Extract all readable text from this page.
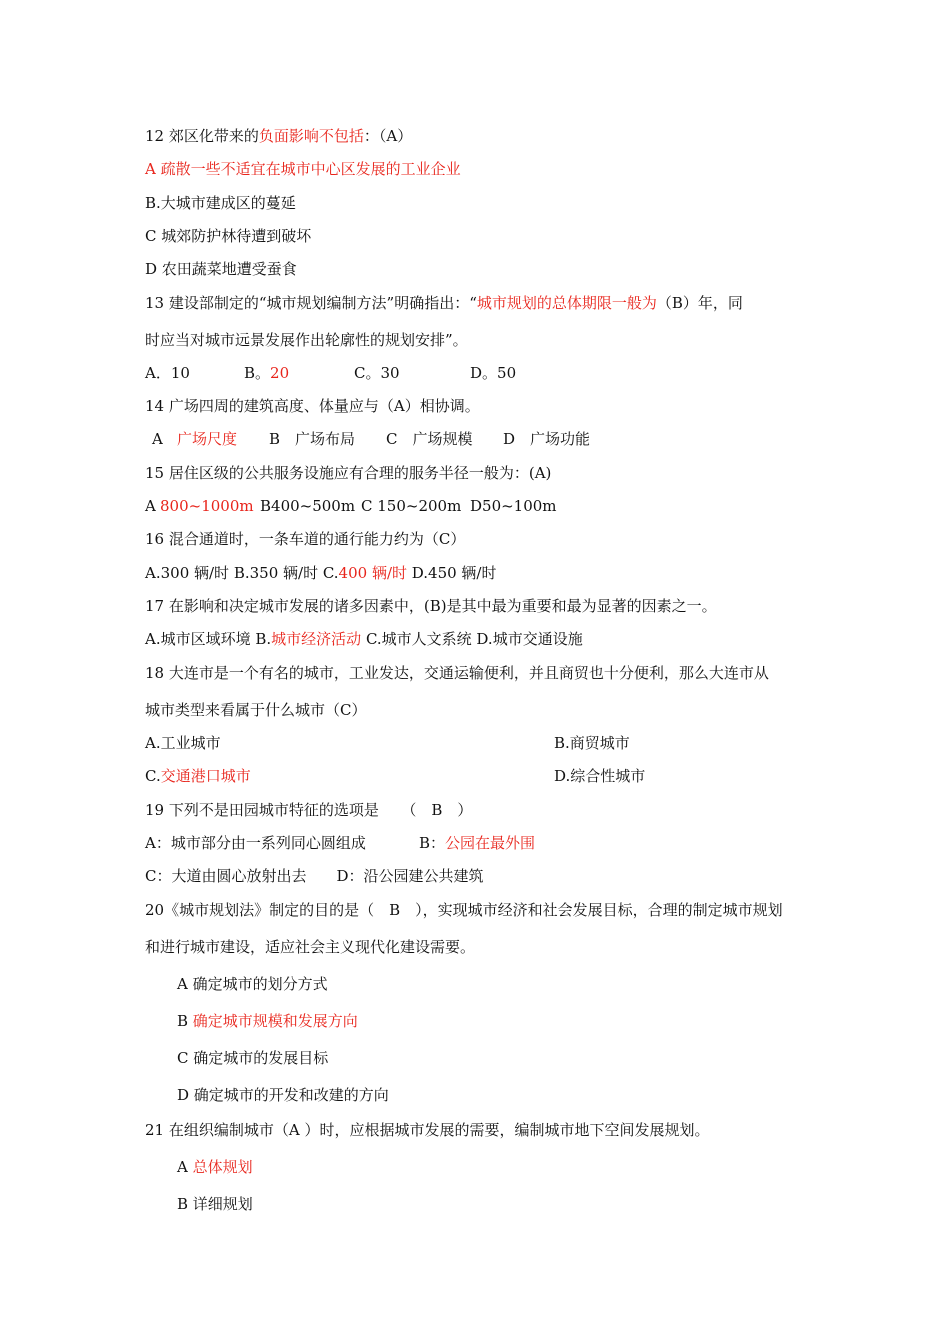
12 郊区化带来的负面影响不包括：（A）
A 疏散一些不适宜在城市中心区发展的工业企业
B.大城市建成区的蔓延
C 城郊防护林待遭到破坏
D 农田蔬菜地遭受蚕食
13 建设部制定的“城市规划编制方法”明确指出：“城市规划的总体期限一般为（B）年，同
时应当对城市远景发展作出轮廓性的规划安排”。
A．10	B。20	C。30	D。50
14 广场四周的建筑高度、体量应与（A）相协调。
A 广场尺度 B　广场布局 C　广场规模 D　广场功能
15 居住区级的公共服务设施应有合理的服务半径一般为：(A)
A 800~1000m B400~500m C 150~200m D50~100m
16 混合通道时，一条车道的通行能力约为（C）
A.300 辆/时 B.350 辆/时 C.400 辆/时 D.450 辆/时
17 在影响和决定城市发展的诸多因素中，(B)是其中最为重要和最为显著的因素之一。
A.城市区域环境 B.城市经济活动 C.城市人文系统 D.城市交通设施
18 大连市是一个有名的城市，工业发达，交通运输便利，并且商贸也十分便利，那么大连市从
城市类型来看属于什么城市（C）
A.工业城市	B.商贸城市
C.交通港口城市	D.综合性城市
19 下列不是田园城市特征的选项是　　（　B　）
A：城市部分由一系列同心圆组成	B：公园在最外围
C：大道由圆心放射出去　　D：沿公园建公共建筑
20《城市规划法》制定的目的是（　B　），实现城市经济和社会发展目标，合理的制定城市规划
和进行城市建设，适应社会主义现代化建设需要。
A 确定城市的划分方式
B 确定城市规模和发展方向
C 确定城市的发展目标
D 确定城市的开发和改建的方向
21 在组织编制城市（A ）时，应根据城市发展的需要，编制城市地下空间发展规划。
A 总体规划
B 详细规划
